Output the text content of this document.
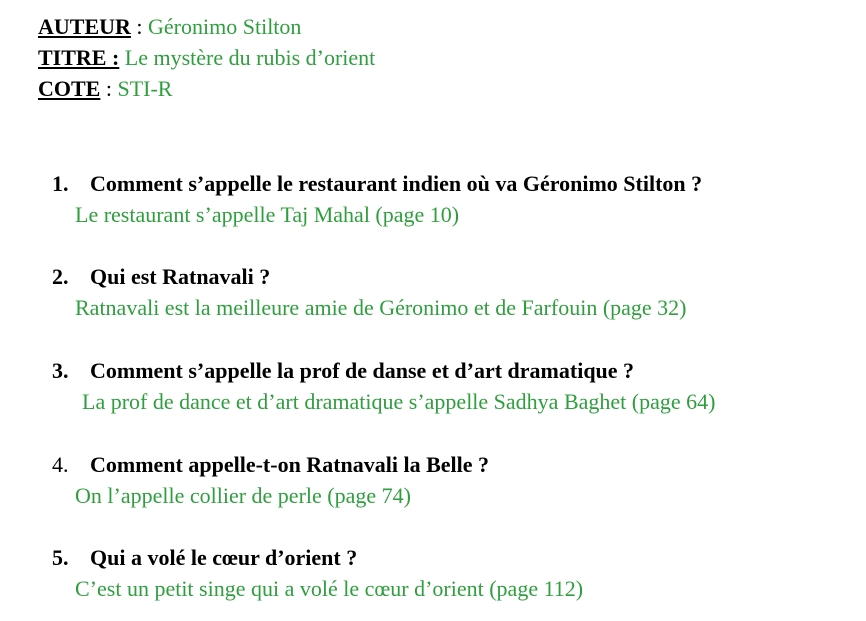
AUTEUR : Géronimo Stilton
TITRE : Le mystère du rubis d’orient
COTE : STI-R
1. Comment s’appelle le restaurant indien où va Géronimo Stilton ?
Le restaurant s’appelle Taj Mahal (page 10)
2. Qui est Ratnavali ?
Ratnavali est la meilleure amie de Géronimo et de Farfouin (page 32)
3. Comment s’appelle la prof de danse et d’art dramatique ?
La prof de dance et d’art dramatique s’appelle Sadhya Baghet (page 64)
4. Comment appelle-t-on Ratnavali la Belle ?
On l’appelle collier de perle (page 74)
5. Qui a volé le cœur d’orient ?
C’est un petit singe qui a volé le cœur d’orient (page 112)
